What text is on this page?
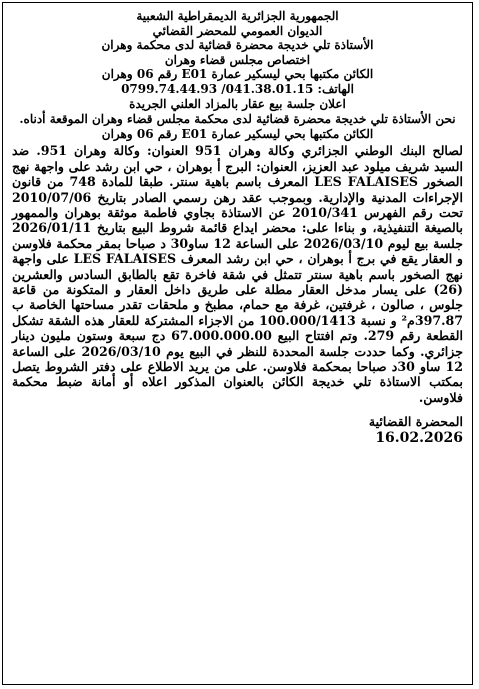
الجمهورية الجزائرية الديمقراطية الشعبية
الديوان العمومي للمحضر القضائي
الأستاذة تلي خديجة محضرة قضائية لدى محكمة وهران
اختصاص مجلس قضاء وهران
الكائن مكتبها بحي ليسكير عمارة E01 رقم 06 وهران
الهاتف: 041.38.01.15/ 0799.74.44.93
اعلان جلسة بيع عقار بالمزاد العلني الجريدة
نحن الأستاذة تلي خديجة محضرة قضائية لدى محكمة مجلس قضاء وهران الموقعة أدناه. الكائن مكتبها بحي ليسكير عمارة E01 رقم 06 وهران
لصالح البنك الوطني الجزائري وكالة وهران 951 العنوان: وكالة وهران 951. ضد السيد شريف ميلود عبد العزيز، العنوان: البرج أ بوهران ، حي ابن رشد على واجهة نهج الصخور LES FALAISES المعرف باسم باهية سنتر. طبقا للمادة 748 من قانون الإجراءات المدنية والإدارية. وبموجب عقد رهن رسمي الصادر بتاريخ 2010/07/06 تحت رقم الفهرس 2010/341 عن الاستاذة بجاوي فاطمة موثقة بوهران والممهور بالصيغة التنفيذية، و بناءا على: محضر ايداع قائمة شروط البيع بتاريخ 2026/01/11 جلسة بيع ليوم 2026/03/10 على الساعة 12 ساو30 د صباحا بمقر محكمة فلاوسن و العقار يقع في برج أ بوهران ، حي ابن رشد المعرف LES FALAISES على واجهة نهج الصخور باسم باهية سنتر تتمثل في شقة فاخرة تقع بالطابق السادس والعشرين (26) على يسار مدخل العقار مطلة على طريق داخل العقار و المتكونة من قاعة جلوس ، صالون ، غرفتين، غرفة مع حمام، مطبخ و ملحقات تقدر مساحتها الخاصة ب 397.87م² و نسبة 100.000/1413 من الاجزاء المشتركة للعقار هذه الشقة تشكل القطعة رقم 279. وتم افتتاح البيع 67.000.000.00 دج سبعة وستون مليون دينار جزائري. وكما حددت جلسة المحددة للنظر في البيع يوم 2026/03/10 على الساعة 12 ساو 30د صباحا بمحكمة فلاوسن. على من يريد الاطلاع على دفتر الشروط يتصل بمكتب الاستاذة تلي خديجة الكائن بالعنوان المذكور اعلاه أو أمانة ضبط محكمة فلاوسن.
المحضرة القضائية
16.02.2026
